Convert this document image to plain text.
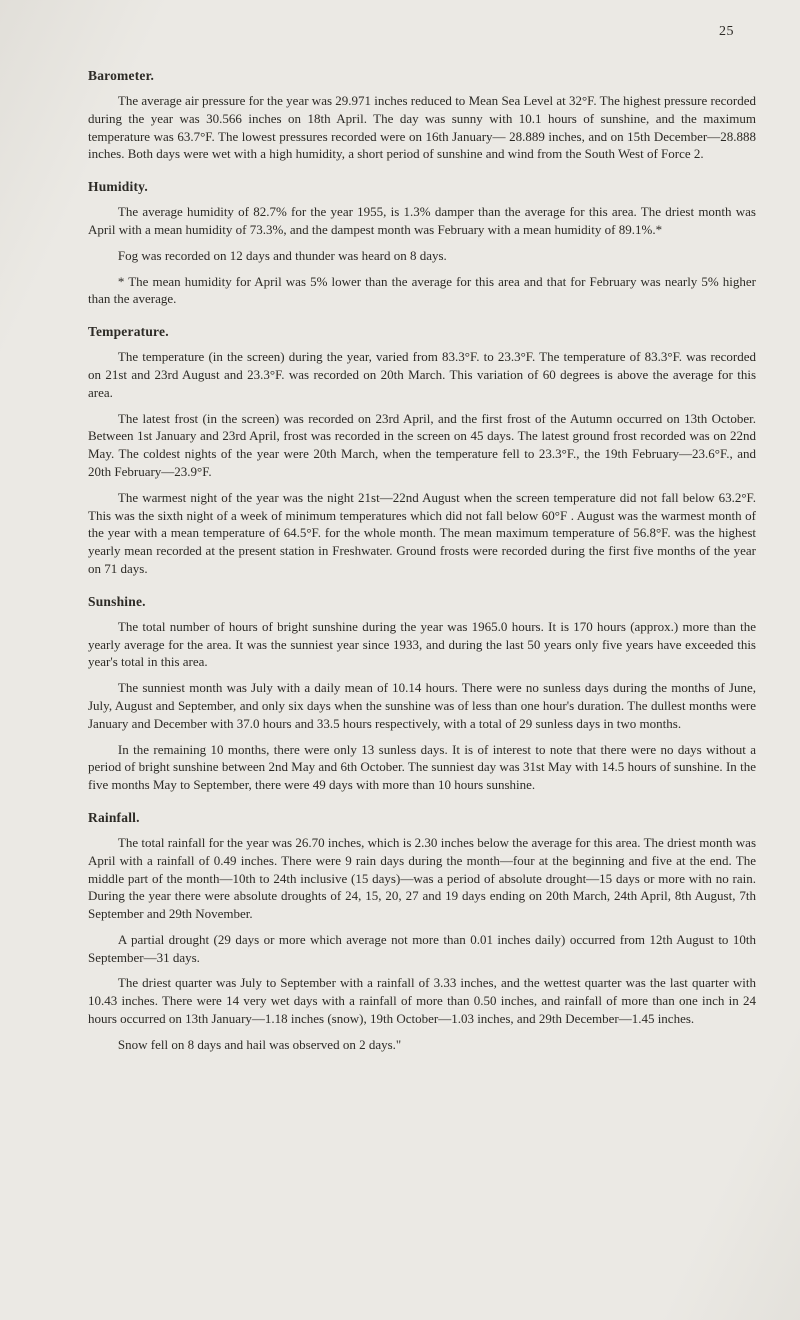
25
Barometer.

The average air pressure for the year was 29.971 inches reduced to Mean Sea Level at 32°F. The highest pressure recorded during the year was 30.566 inches on 18th April. The day was sunny with 10.1 hours of sunshine, and the maximum temperature was 63.7°F. The lowest pressures recorded were on 16th January— 28.889 inches, and on 15th December—28.888 inches. Both days were wet with a high humidity, a short period of sunshine and wind from the South West of Force 2.

Humidity.

The average humidity of 82.7% for the year 1955, is 1.3% damper than the average for this area. The driest month was April with a mean humidity of 73.3%, and the dampest month was February with a mean humidity of 89.1%.*

Fog was recorded on 12 days and thunder was heard on 8 days.

* The mean humidity for April was 5% lower than the average for this area and that for February was nearly 5% higher than the average.

Temperature.

The temperature (in the screen) during the year, varied from 83.3°F. to 23.3°F. The temperature of 83.3°F. was recorded on 21st and 23rd August and 23.3°F. was recorded on 20th March. This variation of 60 degrees is above the average for this area.

The latest frost (in the screen) was recorded on 23rd April, and the first frost of the Autumn occurred on 13th October. Between 1st January and 23rd April, frost was recorded in the screen on 45 days. The latest ground frost recorded was on 22nd May. The coldest nights of the year were 20th March, when the temperature fell to 23.3°F., the 19th February—23.6°F., and 20th February—23.9°F.

The warmest night of the year was the night 21st—22nd August when the screen temperature did not fall below 63.2°F. This was the sixth night of a week of minimum temperatures which did not fall below 60°F . August was the warmest month of the year with a mean temperature of 64.5°F. for the whole month. The mean maximum temperature of 56.8°F. was the highest yearly mean recorded at the present station in Freshwater. Ground frosts were recorded during the first five months of the year on 71 days.

Sunshine.

The total number of hours of bright sunshine during the year was 1965.0 hours. It is 170 hours (approx.) more than the yearly average for the area. It was the sunniest year since 1933, and during the last 50 years only five years have exceeded this year's total in this area.

The sunniest month was July with a daily mean of 10.14 hours. There were no sunless days during the months of June, July, August and September, and only six days when the sunshine was of less than one hour's duration. The dullest months were January and December with 37.0 hours and 33.5 hours respectively, with a total of 29 sunless days in two months.

In the remaining 10 months, there were only 13 sunless days. It is of interest to note that there were no days without a period of bright sunshine between 2nd May and 6th October. The sunniest day was 31st May with 14.5 hours of sunshine. In the five months May to September, there were 49 days with more than 10 hours sunshine.

Rainfall.

The total rainfall for the year was 26.70 inches, which is 2.30 inches below the average for this area. The driest month was April with a rainfall of 0.49 inches. There were 9 rain days during the month—four at the beginning and five at the end. The middle part of the month—10th to 24th inclusive (15 days)—was a period of absolute drought—15 days or more with no rain. During the year there were absolute droughts of 24, 15, 20, 27 and 19 days ending on 20th March, 24th April, 8th August, 7th September and 29th November.

A partial drought (29 days or more which average not more than 0.01 inches daily) occurred from 12th August to 10th September—31 days.

The driest quarter was July to September with a rainfall of 3.33 inches, and the wettest quarter was the last quarter with 10.43 inches. There were 14 very wet days with a rainfall of more than 0.50 inches, and rainfall of more than one inch in 24 hours occurred on 13th January—1.18 inches (snow), 19th October—1.03 inches, and 29th December—1.45 inches.

Snow fell on 8 days and hail was observed on 2 days."
